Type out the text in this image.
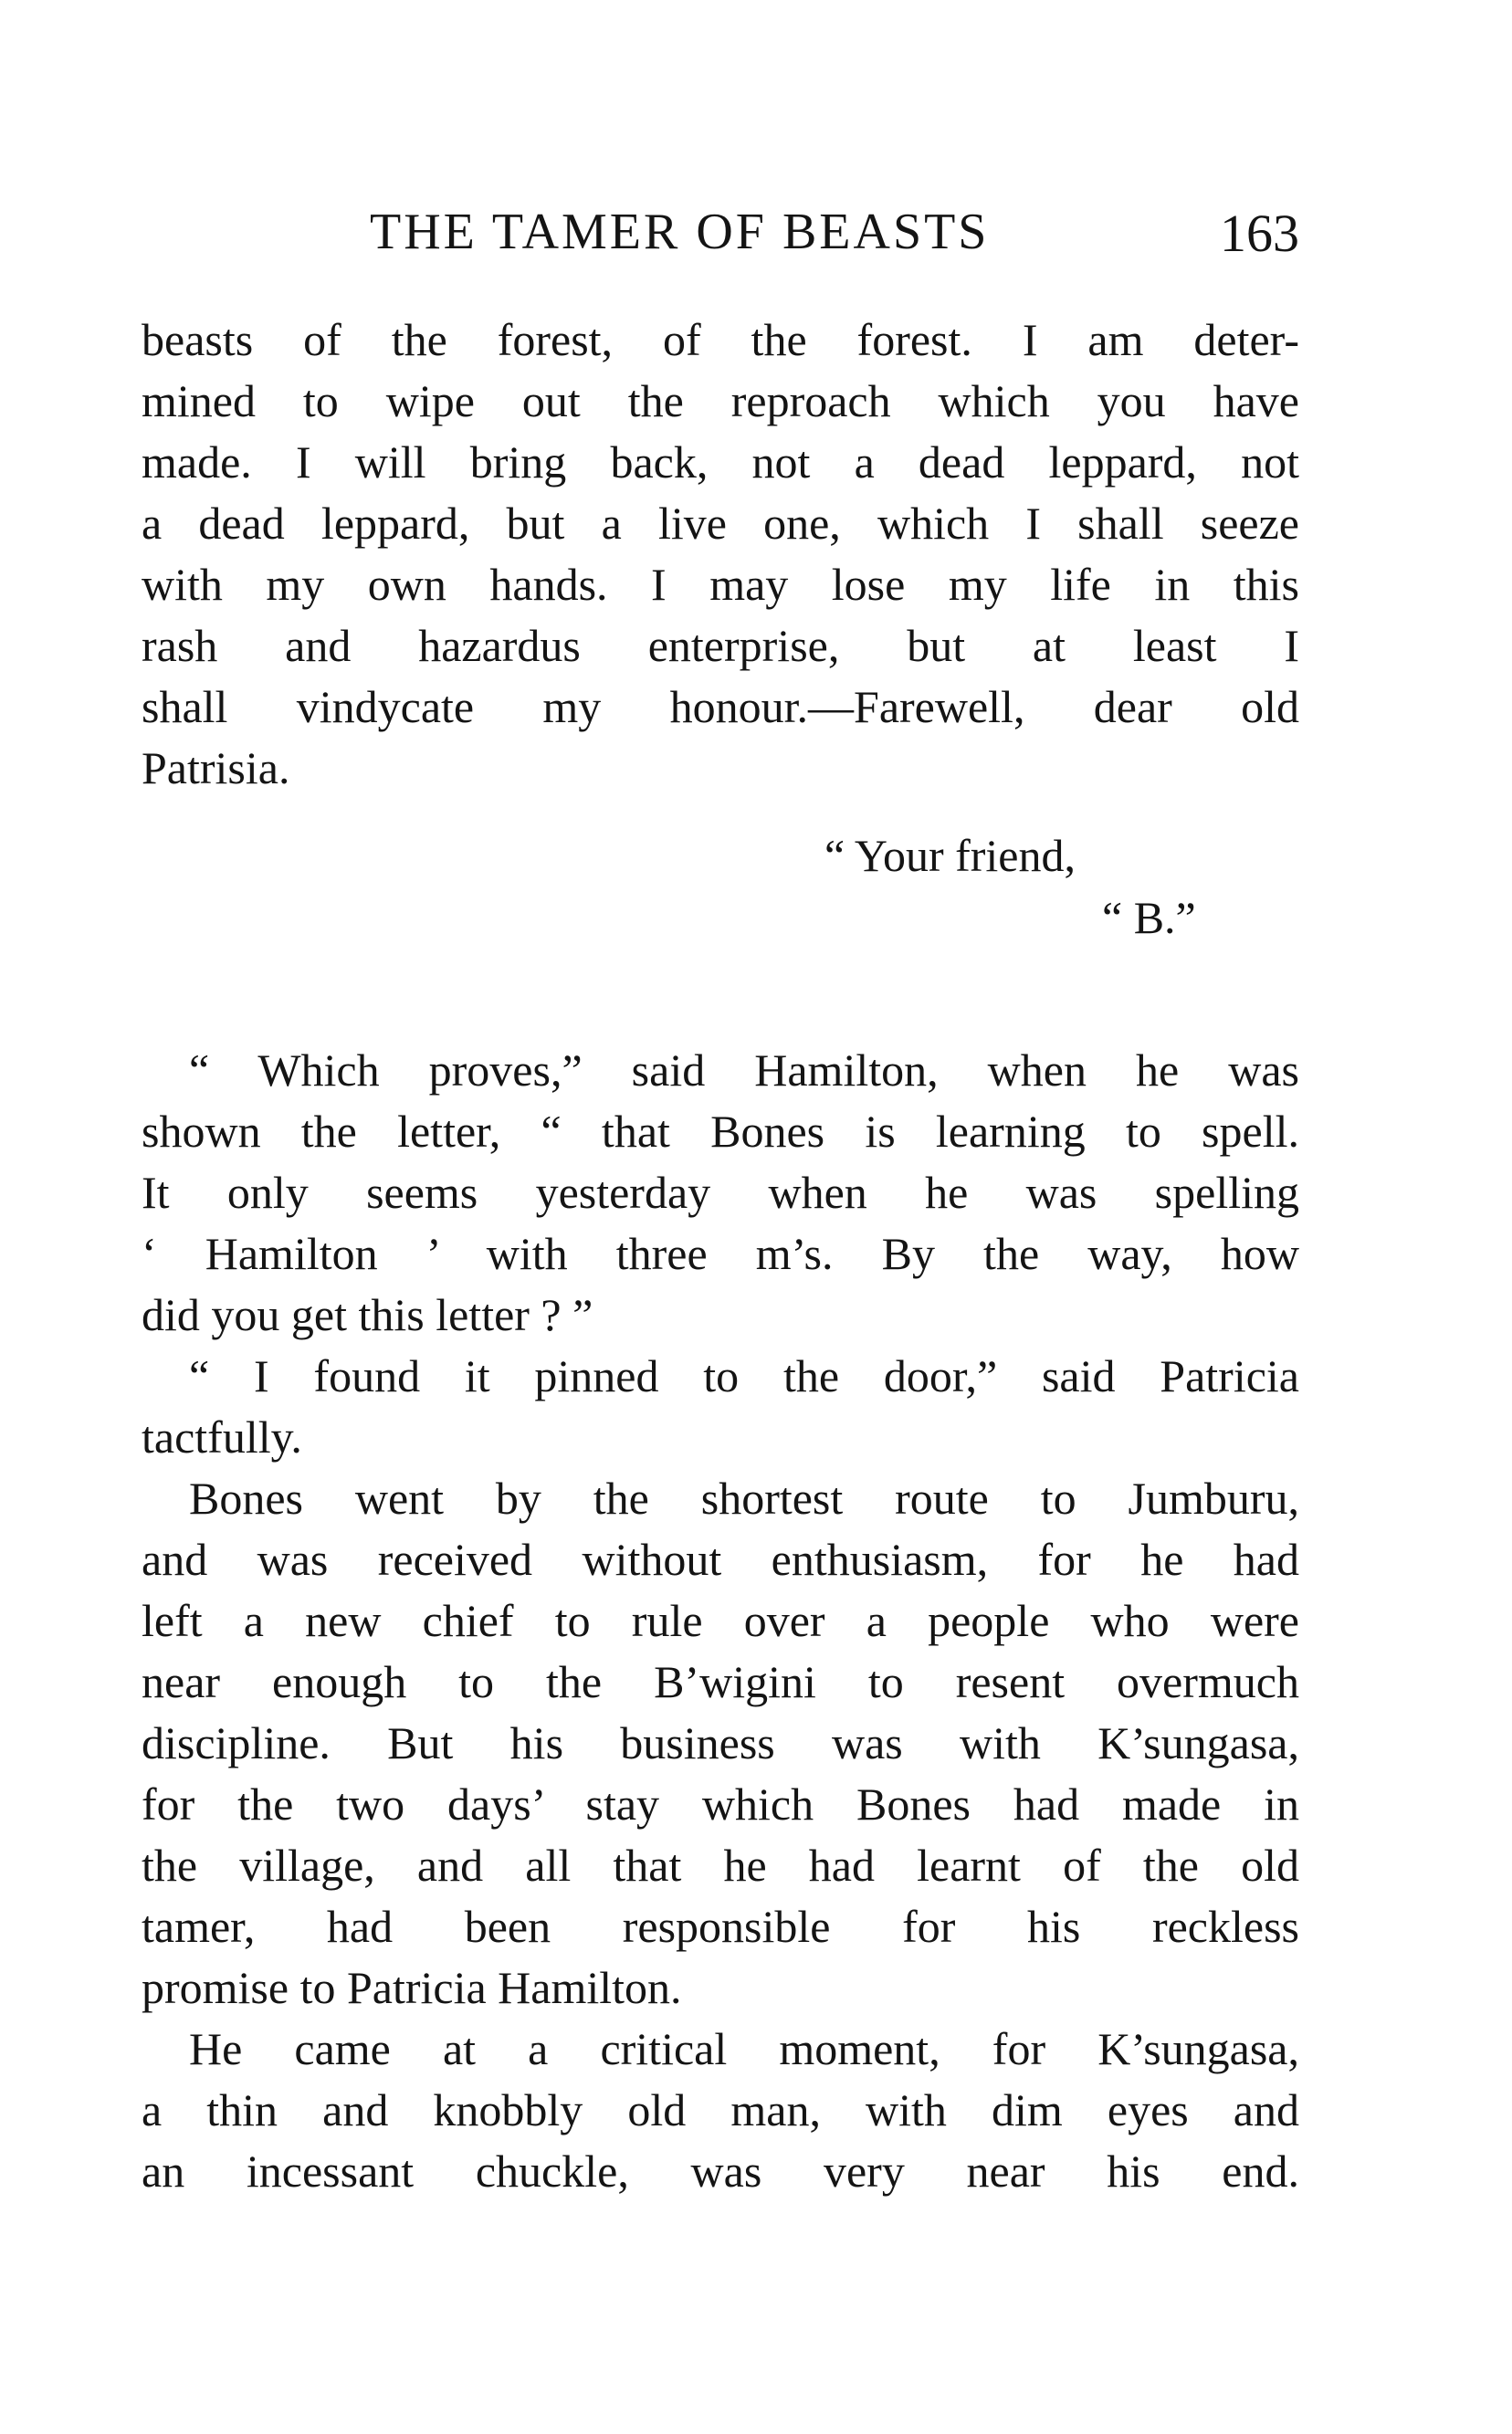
THE TAMER OF BEASTS	163
beasts of the forest, of the forest. I am deter-
mined to wipe out the reproach which you have
made. I will bring back, not a dead leppard, not
a dead leppard, but a live one, which I shall seeze
with my own hands. I may lose my life in this
rash and hazardus enterprise, but at least I
shall vindycate my honour.—Farewell, dear old
Patrisia.
“ Your friend,
“ B.”
“ Which proves,” said Hamilton, when he was
shown the letter, “ that Bones is learning to spell.
It only seems yesterday when he was spelling
‘ Hamilton ’ with three m’s. By the way, how
did you get this letter ? ”
“ I found it pinned to the door,” said Patricia
tactfully.
Bones went by the shortest route to Jumburu,
and was received without enthusiasm, for he had
left a new chief to rule over a people who were
near enough to the B’wigini to resent overmuch
discipline. But his business was with K’sungasa,
for the two days’ stay which Bones had made in
the village, and all that he had learnt of the old
tamer, had been responsible for his reckless
promise to Patricia Hamilton.
He came at a critical moment, for K’sungasa,
a thin and knobbly old man, with dim eyes and
an incessant chuckle, was very near his end.
